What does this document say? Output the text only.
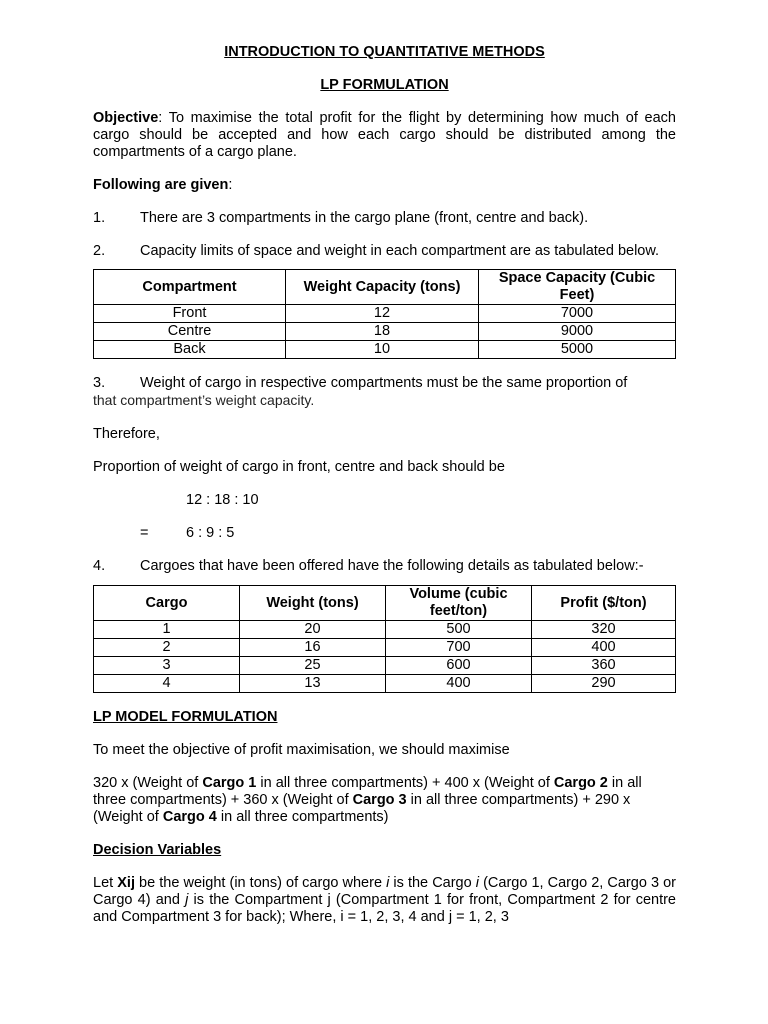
INTRODUCTION TO QUANTITATIVE METHODS

LP FORMULATION

Objective: To maximise the total profit for the flight by determining how much of each cargo should be accepted and how each cargo should be distributed among the compartments of a cargo plane.

Following are given:

1. There are 3 compartments in the cargo plane (front, centre and back).

2. Capacity limits of space and weight in each compartment are as tabulated below.

Compartment	Weight Capacity (tons)	Space Capacity (Cubic Feet)
Front	12	7000
Centre	18	9000
Back	10	5000

3. Weight of cargo in respective compartments must be the same proportion of
that compartment’s weight capacity.

Therefore,

Proportion of weight of cargo in front, centre and back should be

12 : 18 : 10

=	6 : 9 : 5

4. Cargoes that have been offered have the following details as tabulated below:-

Cargo	Weight (tons)	Volume (cubic feet/ton)	Profit ($/ton)
1	20	500	320
2	16	700	400
3	25	600	360
4	13	400	290

LP MODEL FORMULATION

To meet the objective of profit maximisation, we should maximise

320 x (Weight of Cargo 1 in all three compartments) + 400 x (Weight of Cargo 2 in all three compartments) + 360 x (Weight of Cargo 3 in all three compartments) + 290 x (Weight of Cargo 4 in all three compartments)

Decision Variables

Let Xij be the weight (in tons) of cargo where i is the Cargo i (Cargo 1, Cargo 2, Cargo 3 or Cargo 4) and j is the Compartment j (Compartment 1 for front, Compartment 2 for centre and Compartment 3 for back); Where, i = 1, 2, 3, 4 and j = 1, 2, 3
